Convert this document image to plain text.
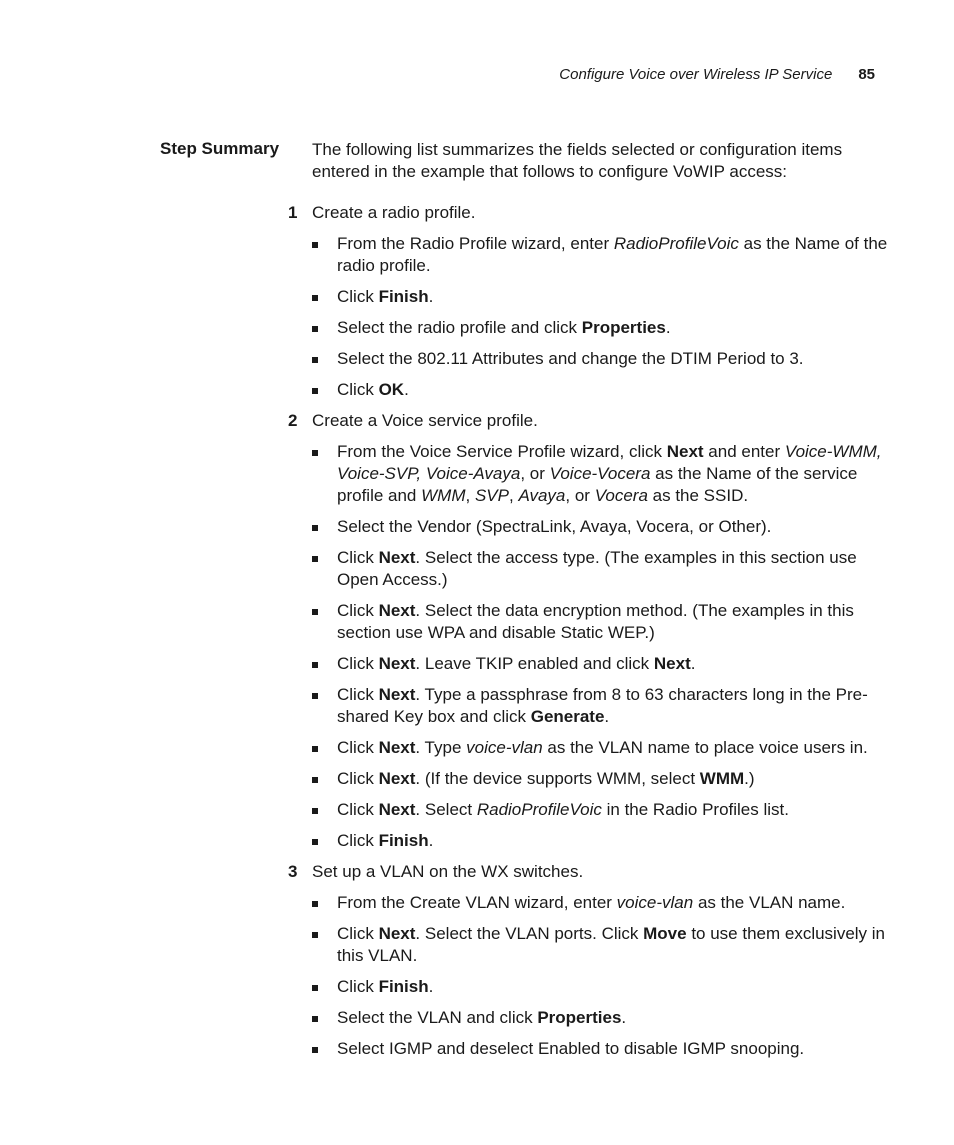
Configure Voice over Wireless IP Service 85
Step Summary The following list summarizes the fields selected or configuration items entered in the example that follows to configure VoWIP access:
1 Create a radio profile.
From the Radio Profile wizard, enter RadioProfileVoic as the Name of the radio profile.
Click Finish.
Select the radio profile and click Properties.
Select the 802.11 Attributes and change the DTIM Period to 3.
Click OK.
2 Create a Voice service profile.
From the Voice Service Profile wizard, click Next and enter Voice-WMM, Voice-SVP, Voice-Avaya, or Voice-Vocera as the Name of the service profile and WMM, SVP, Avaya, or Vocera as the SSID.
Select the Vendor (SpectraLink, Avaya, Vocera, or Other).
Click Next. Select the access type. (The examples in this section use Open Access.)
Click Next. Select the data encryption method. (The examples in this section use WPA and disable Static WEP.)
Click Next. Leave TKIP enabled and click Next.
Click Next. Type a passphrase from 8 to 63 characters long in the Pre-shared Key box and click Generate.
Click Next. Type voice-vlan as the VLAN name to place voice users in.
Click Next. (If the device supports WMM, select WMM.)
Click Next. Select RadioProfileVoic in the Radio Profiles list.
Click Finish.
3 Set up a VLAN on the WX switches.
From the Create VLAN wizard, enter voice-vlan as the VLAN name.
Click Next. Select the VLAN ports. Click Move to use them exclusively in this VLAN.
Click Finish.
Select the VLAN and click Properties.
Select IGMP and deselect Enabled to disable IGMP snooping.
